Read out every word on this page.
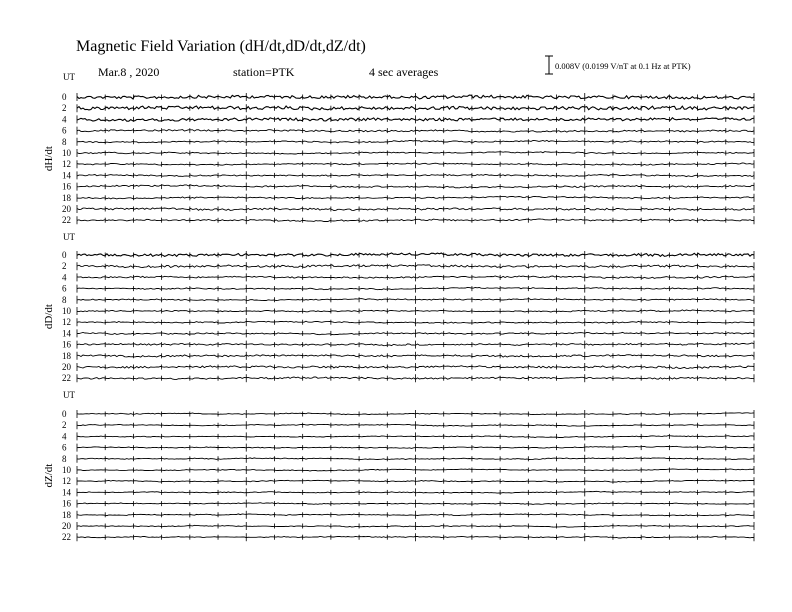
Magnetic Field Variation (dH/dt,dD/dt,dZ/dt)
Mar.8 , 2020	station=PTK	4 sec averages	0.008V (0.0199 V/nT at 0.1 Hz at PTK)
UT
dH/dt
0
2
4
6
8
10
12
14
16
18
20
22
UT
dD/dt
0
2
4
6
8
10
12
14
16
18
20
22
UT
dZ/dt
0
2
4
6
8
10
12
14
16
18
20
22
